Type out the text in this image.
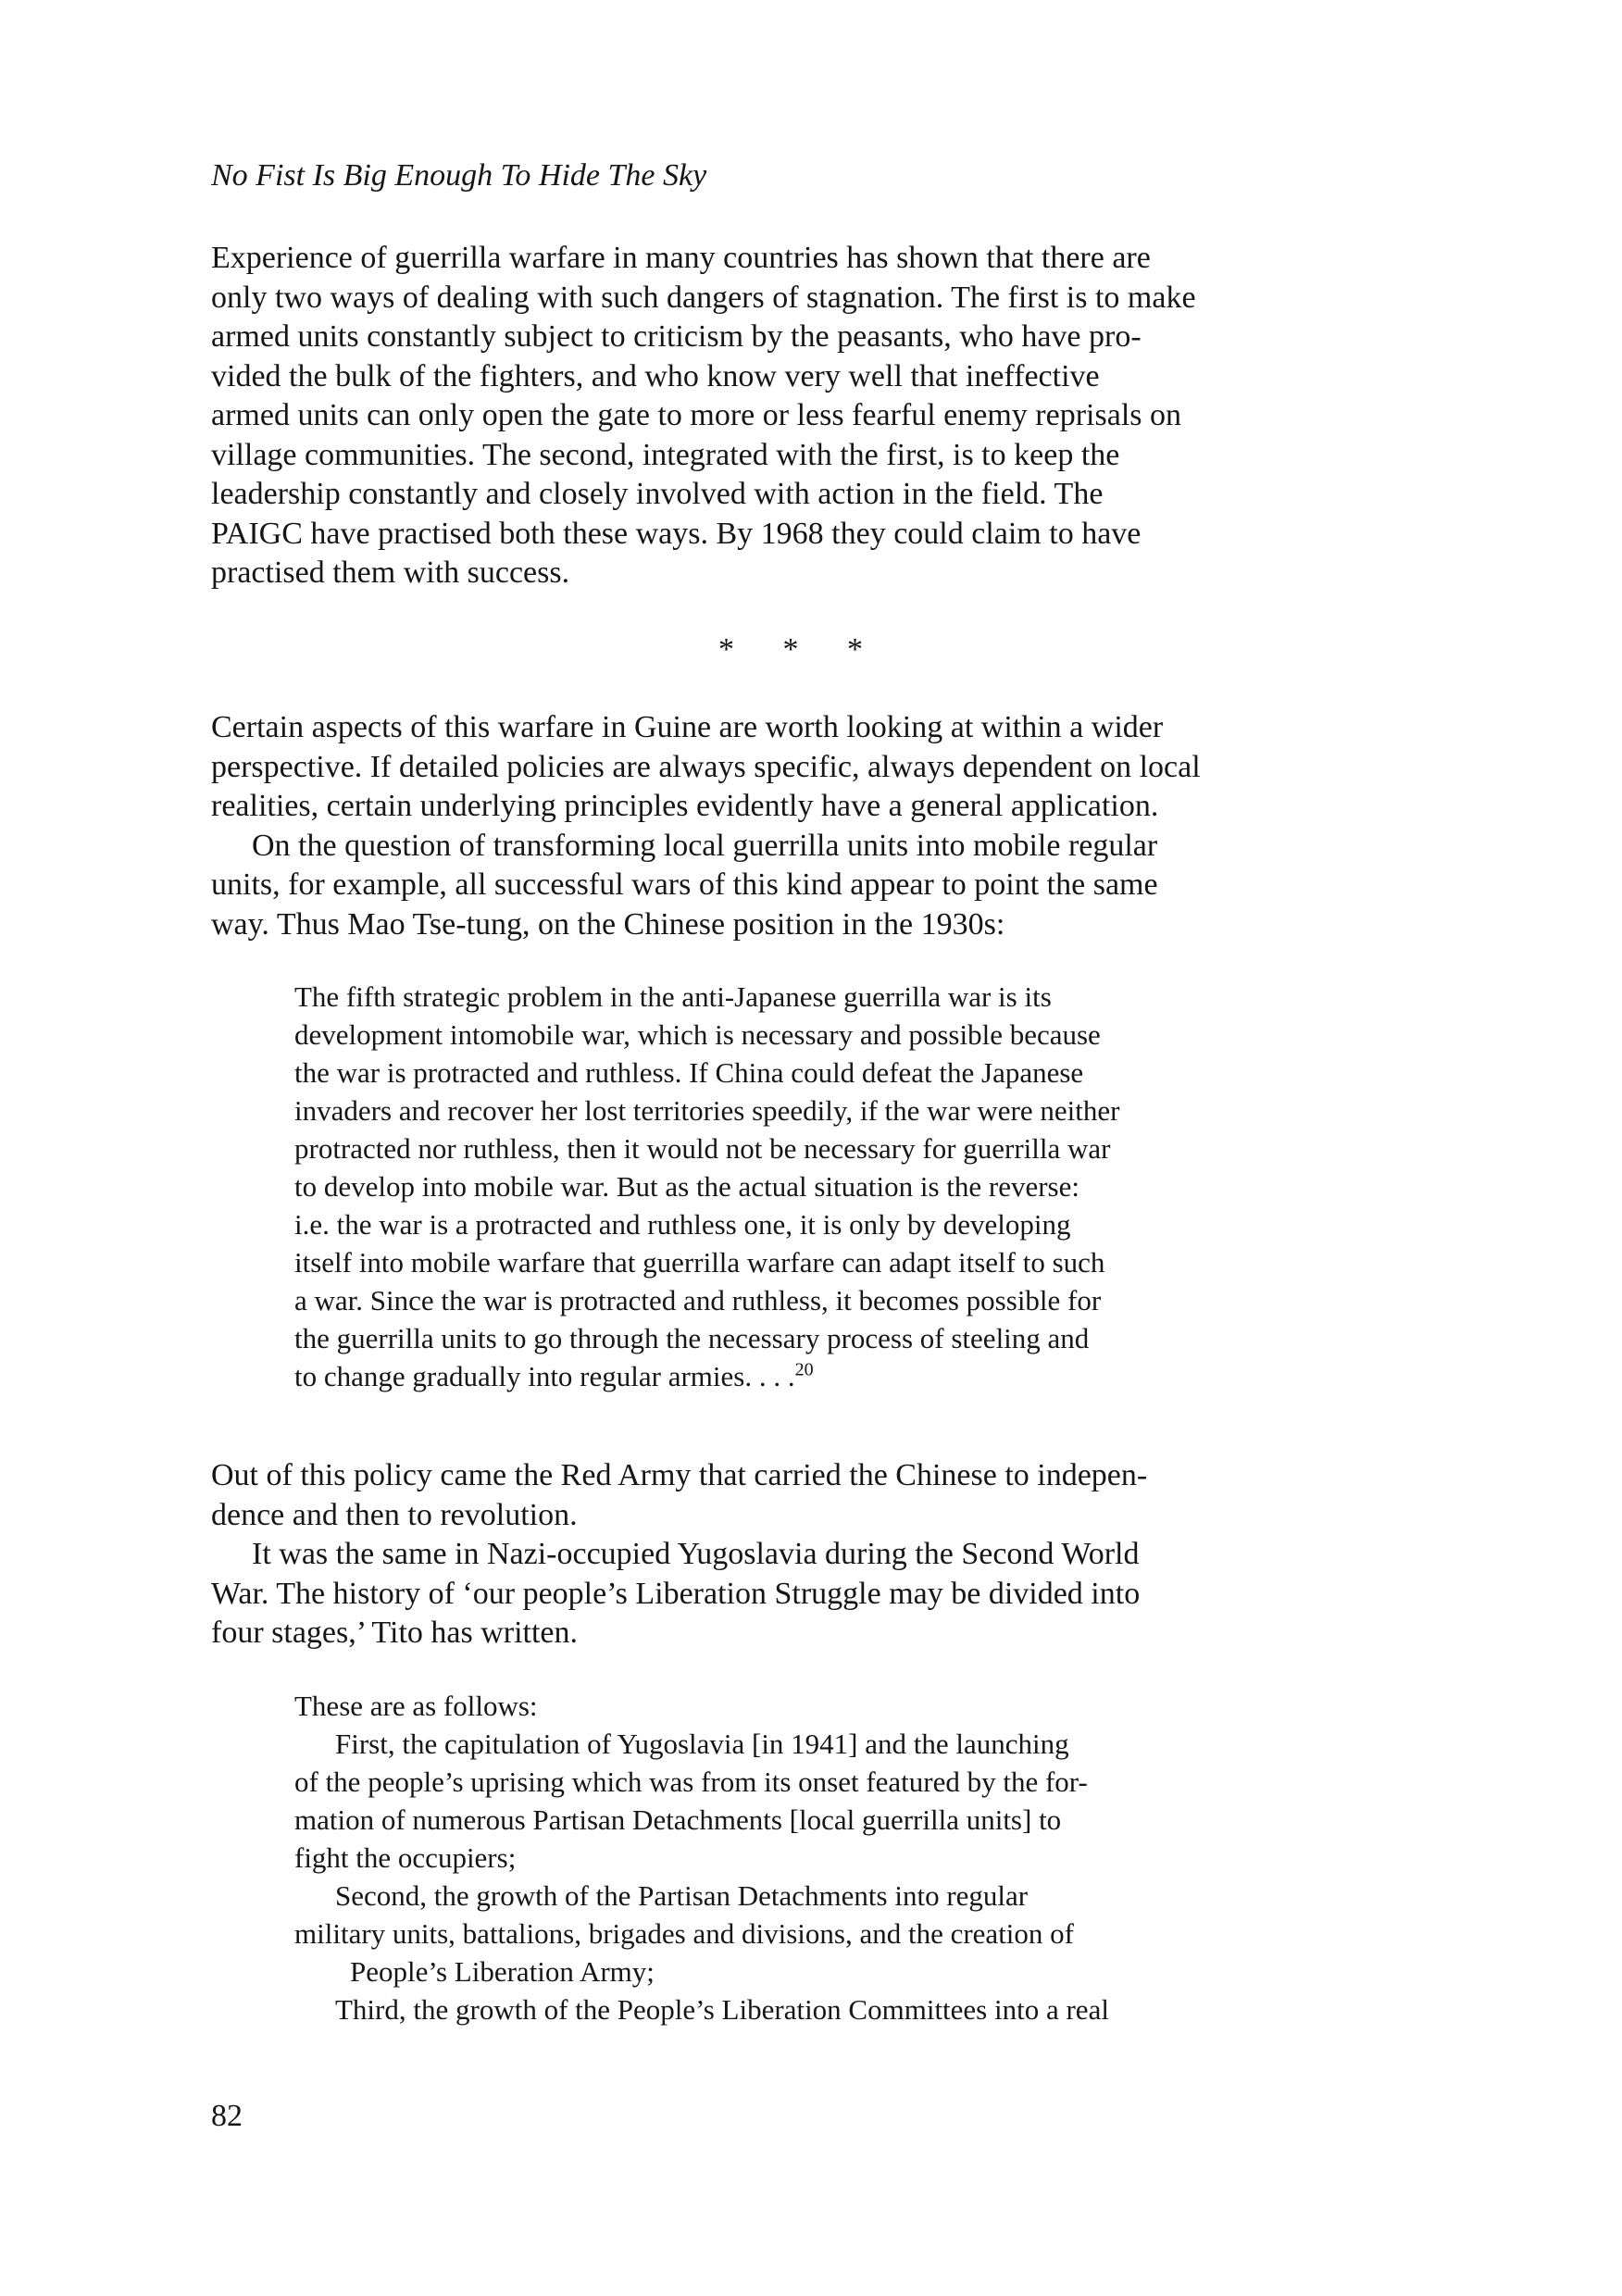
No Fist Is Big Enough To Hide The Sky

Experience of guerrilla warfare in many countries has shown that there are
only two ways of dealing with such dangers of stagnation. The first is to make
armed units constantly subject to criticism by the peasants, who have pro-
vided the bulk of the fighters, and who know very well that ineffective
armed units can only open the gate to more or less fearful enemy reprisals on
village communities. The second, integrated with the first, is to keep the
leadership constantly and closely involved with action in the field. The
PAIGC have practised both these ways. By 1968 they could claim to have
practised them with success.

* * *

Certain aspects of this warfare in Guine are worth looking at within a wider
perspective. If detailed policies are always specific, always dependent on local
realities, certain underlying principles evidently have a general application.
On the question of transforming local guerrilla units into mobile regular
units, for example, all successful wars of this kind appear to point the same
way. Thus Mao Tse-tung, on the Chinese position in the 1930s:

The fifth strategic problem in the anti-Japanese guerrilla war is its
development intomobile war, which is necessary and possible because
the war is protracted and ruthless. If China could defeat the Japanese
invaders and recover her lost territories speedily, if the war were neither
protracted nor ruthless, then it would not be necessary for guerrilla war
to develop into mobile war. But as the actual situation is the reverse:
i.e. the war is a protracted and ruthless one, it is only by developing
itself into mobile warfare that guerrilla warfare can adapt itself to such
a war. Since the war is protracted and ruthless, it becomes possible for
the guerrilla units to go through the necessary process of steeling and
to change gradually into regular armies. . . .$^{20}$

Out of this policy came the Red Army that carried the Chinese to indepen-
dence and then to revolution.
It was the same in Nazi-occupied Yugoslavia during the Second World
War. The history of ‘our people’s Liberation Struggle may be divided into
four stages,’ Tito has written.

These are as follows:
First, the capitulation of Yugoslavia [in 1941] and the launching
of the people’s uprising which was from its onset featured by the for-
mation of numerous Partisan Detachments [local guerrilla units] to
fight the occupiers;
Second, the growth of the Partisan Detachments into regular
military units, battalions, brigades and divisions, and the creation of
People’s Liberation Army;
Third, the growth of the People’s Liberation Committees into a real
82
